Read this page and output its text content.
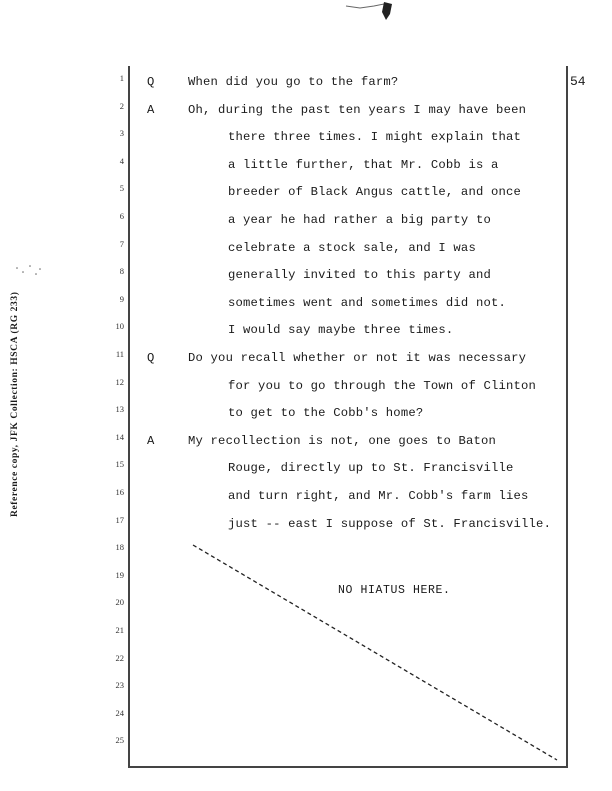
Reference copy, JFK Collection: HSCA (RG 233)
54
1
2
3
4
5
6
7
8
9
10
11
12
13
14
15
16
17
18
19
20
21
22
23
24
25
Q	When did you go to the farm?
A	Oh, during the past ten years I may have been
there three times. I might explain that
a little further, that Mr. Cobb is a
breeder of Black Angus cattle, and once
a year he had rather a big party to
celebrate a stock sale, and I was
generally invited to this party and
sometimes went and sometimes did not.
I would say maybe three times.
Q	Do you recall whether or not it was necessary
for you to go through the Town of Clinton
to get to the Cobb's home?
A	My recollection is not, one goes to Baton
Rouge, directly up to St. Francisville
and turn right, and Mr. Cobb's farm lies
just -- east I suppose of St. Francisville.
NO HIATUS HERE.
